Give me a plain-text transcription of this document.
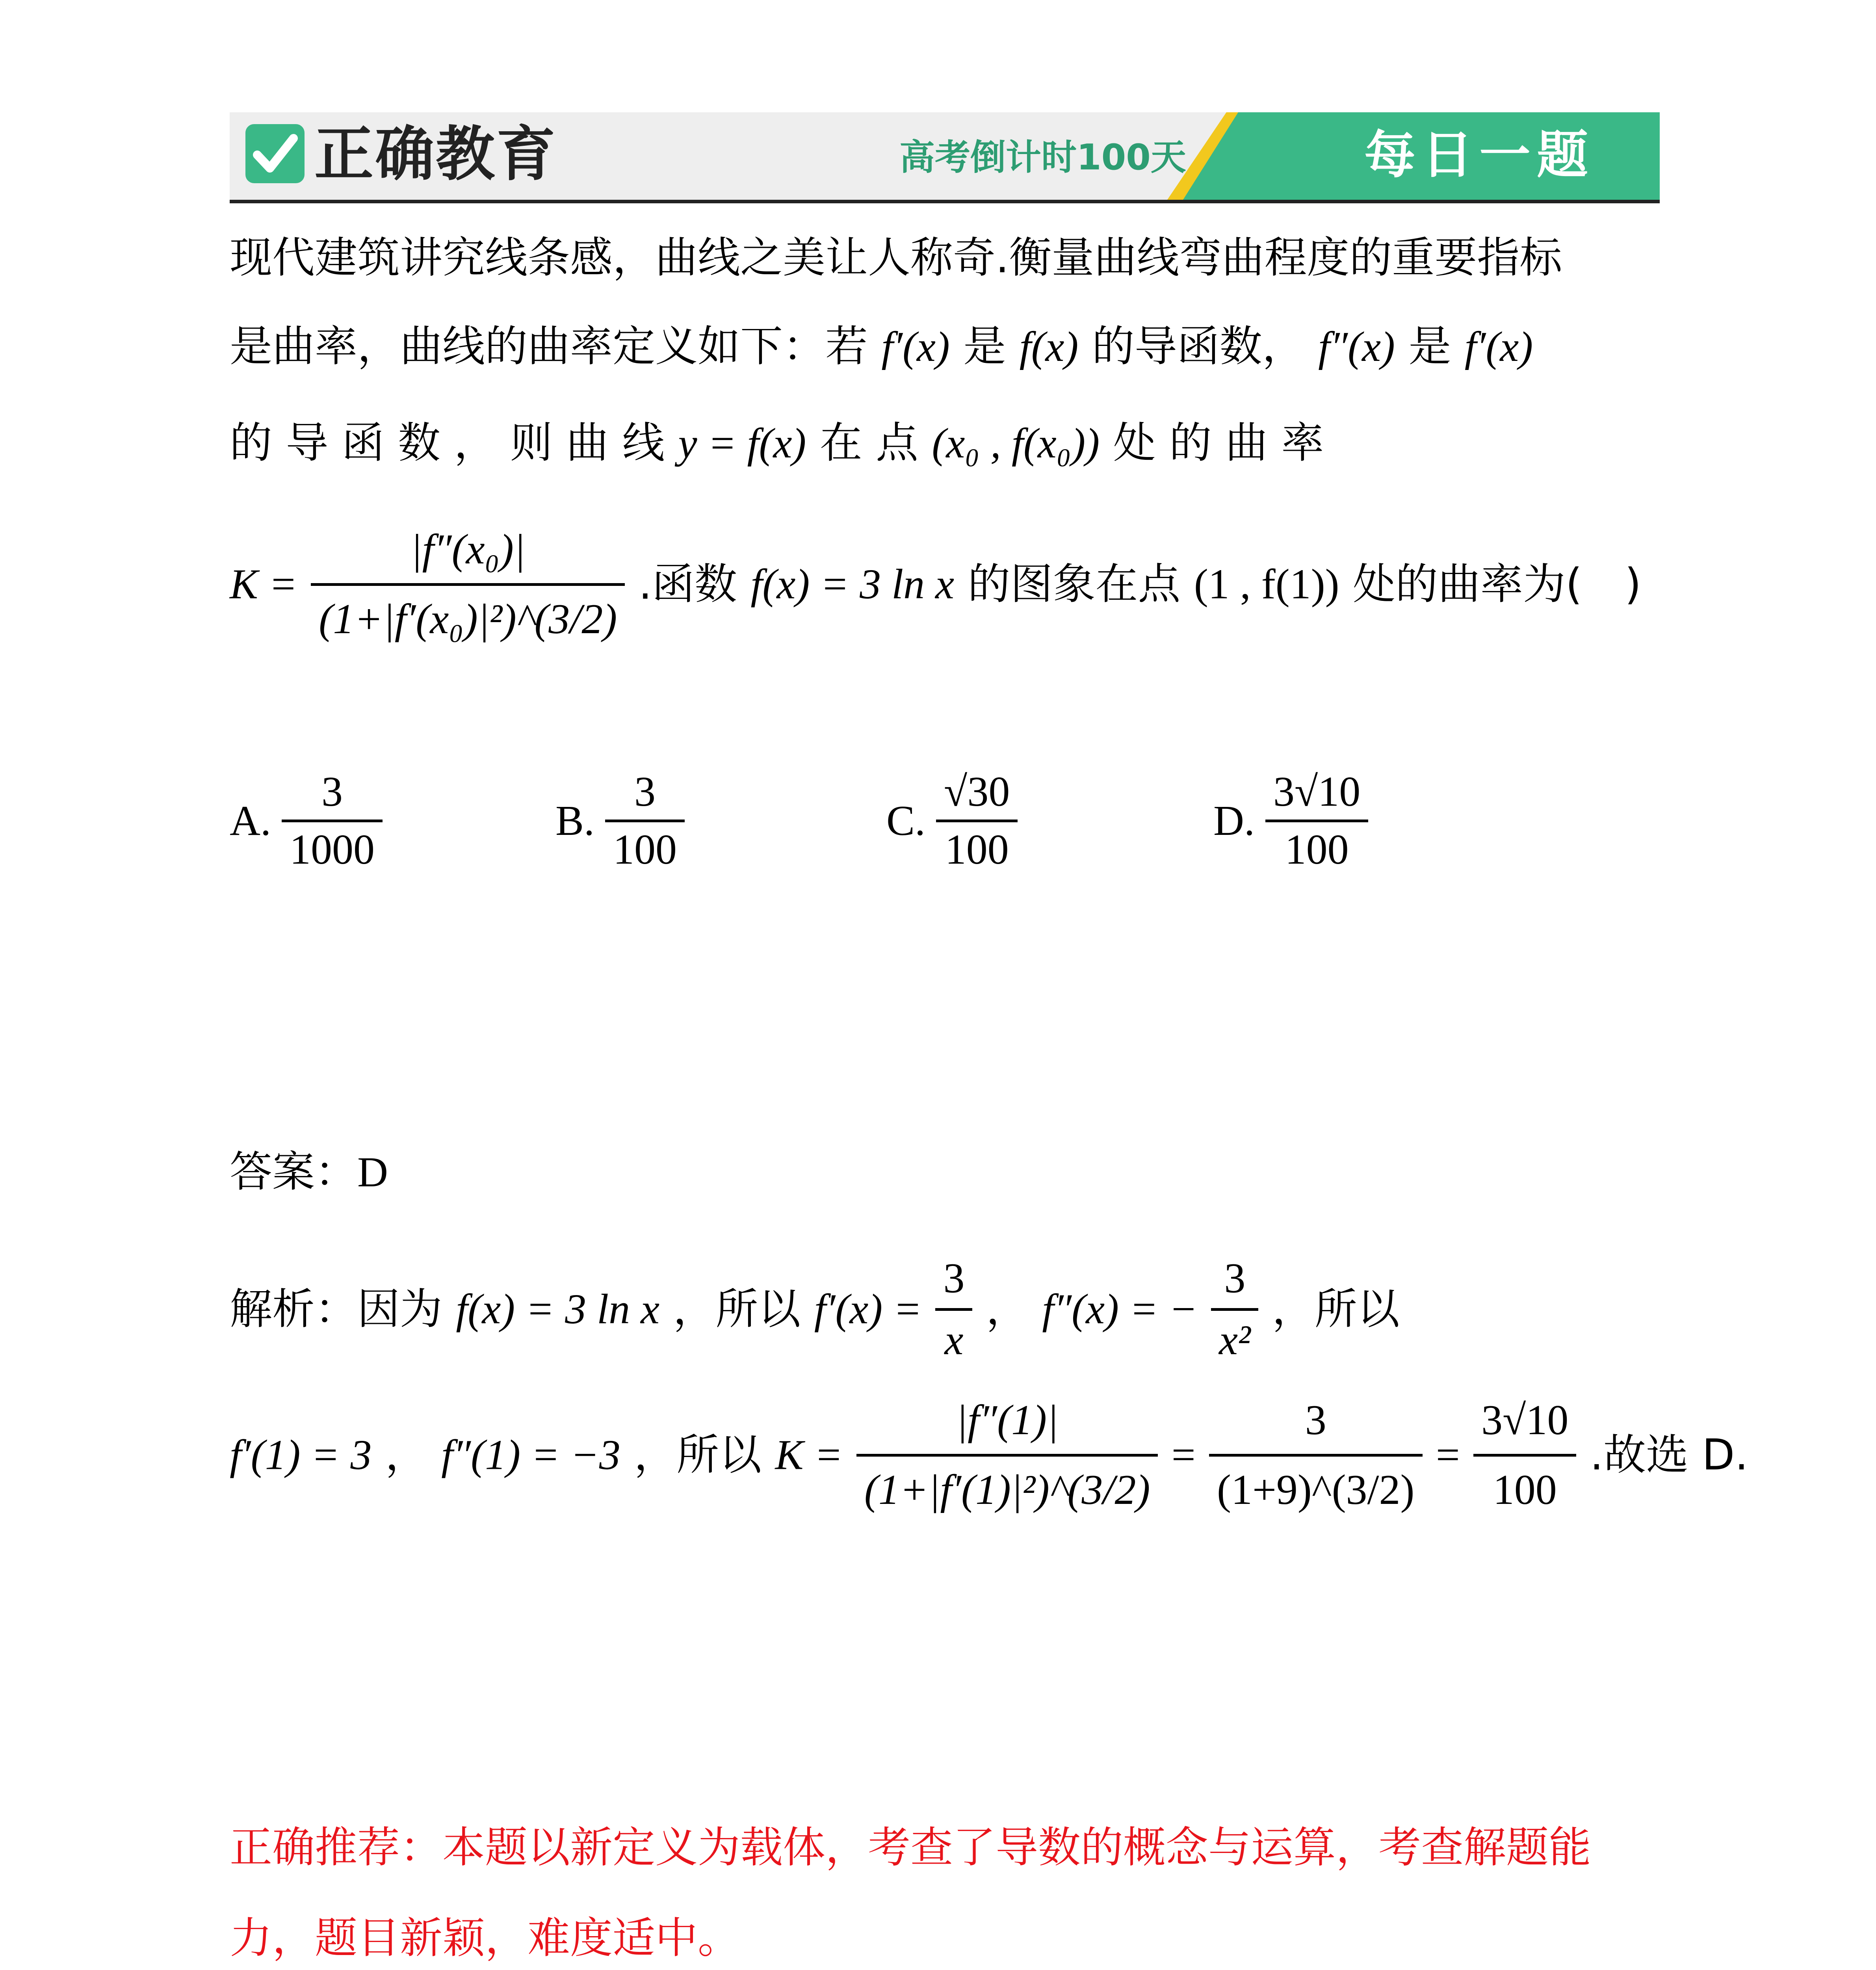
正确教育	高考倒计时100天	每日一题
现代建筑讲究线条感，曲线之美让人称奇.衡量曲线弯曲程度的重要指标
是曲率，曲线的曲率定义如下：若 f′(x) 是 f(x) 的导函数， f″(x) 是 f′(x)
的 导 函 数 ， 则 曲 线 y = f(x) 在 点 (x₀ , f(x₀)) 处 的 曲 率
$K = \frac{\text{|f″(x₀)|}}{\text{(1+|f′(x₀)|²)\textasciicircum{}(3/2)}}$ .函数 f(x) = 3 ln x 的图象在点 (1 , f(1)) 处的曲率为(　)
A. $\frac{3}{1000}$	B. $\frac{3}{100}$	C. $\frac{√30}{100}$	D. $\frac{3√10}{100}$
答案：D
解析：因为 f(x) = 3 ln x ，所以 $f'(x) = \frac{3}{x}$ ， f″(x) = − $\frac{3}{\text{x²}}$ ，所以
f′(1) = 3 ， f″(1) = −3 ，所以 $K = \frac{|f''(1)|}{\text{(1+|f′(1)|²)\textasciicircum{}(3/2)}} = \frac{3}{(1+9)\^{}(3/2)} = \frac{3√10}{100}$ .故选 D.
正确推荐：本题以新定义为载体，考查了导数的概念与运算，考查解题能
力，题目新颖，难度适中。
